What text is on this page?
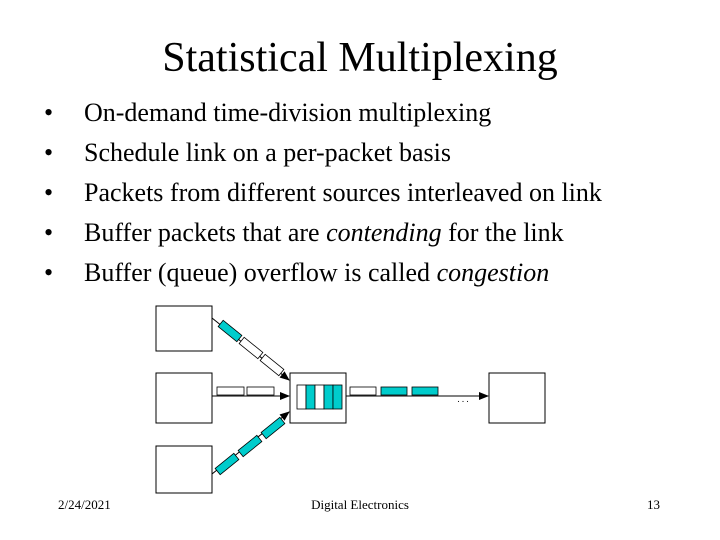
Statistical Multiplexing
•	On-demand time-division multiplexing
•	Schedule link on a per-packet basis
•	Packets from different sources interleaved on link
•	Buffer packets that are contending for the link
•	Buffer (queue) overflow is called congestion
. . .
2/24/2021	Digital Electronics	13
